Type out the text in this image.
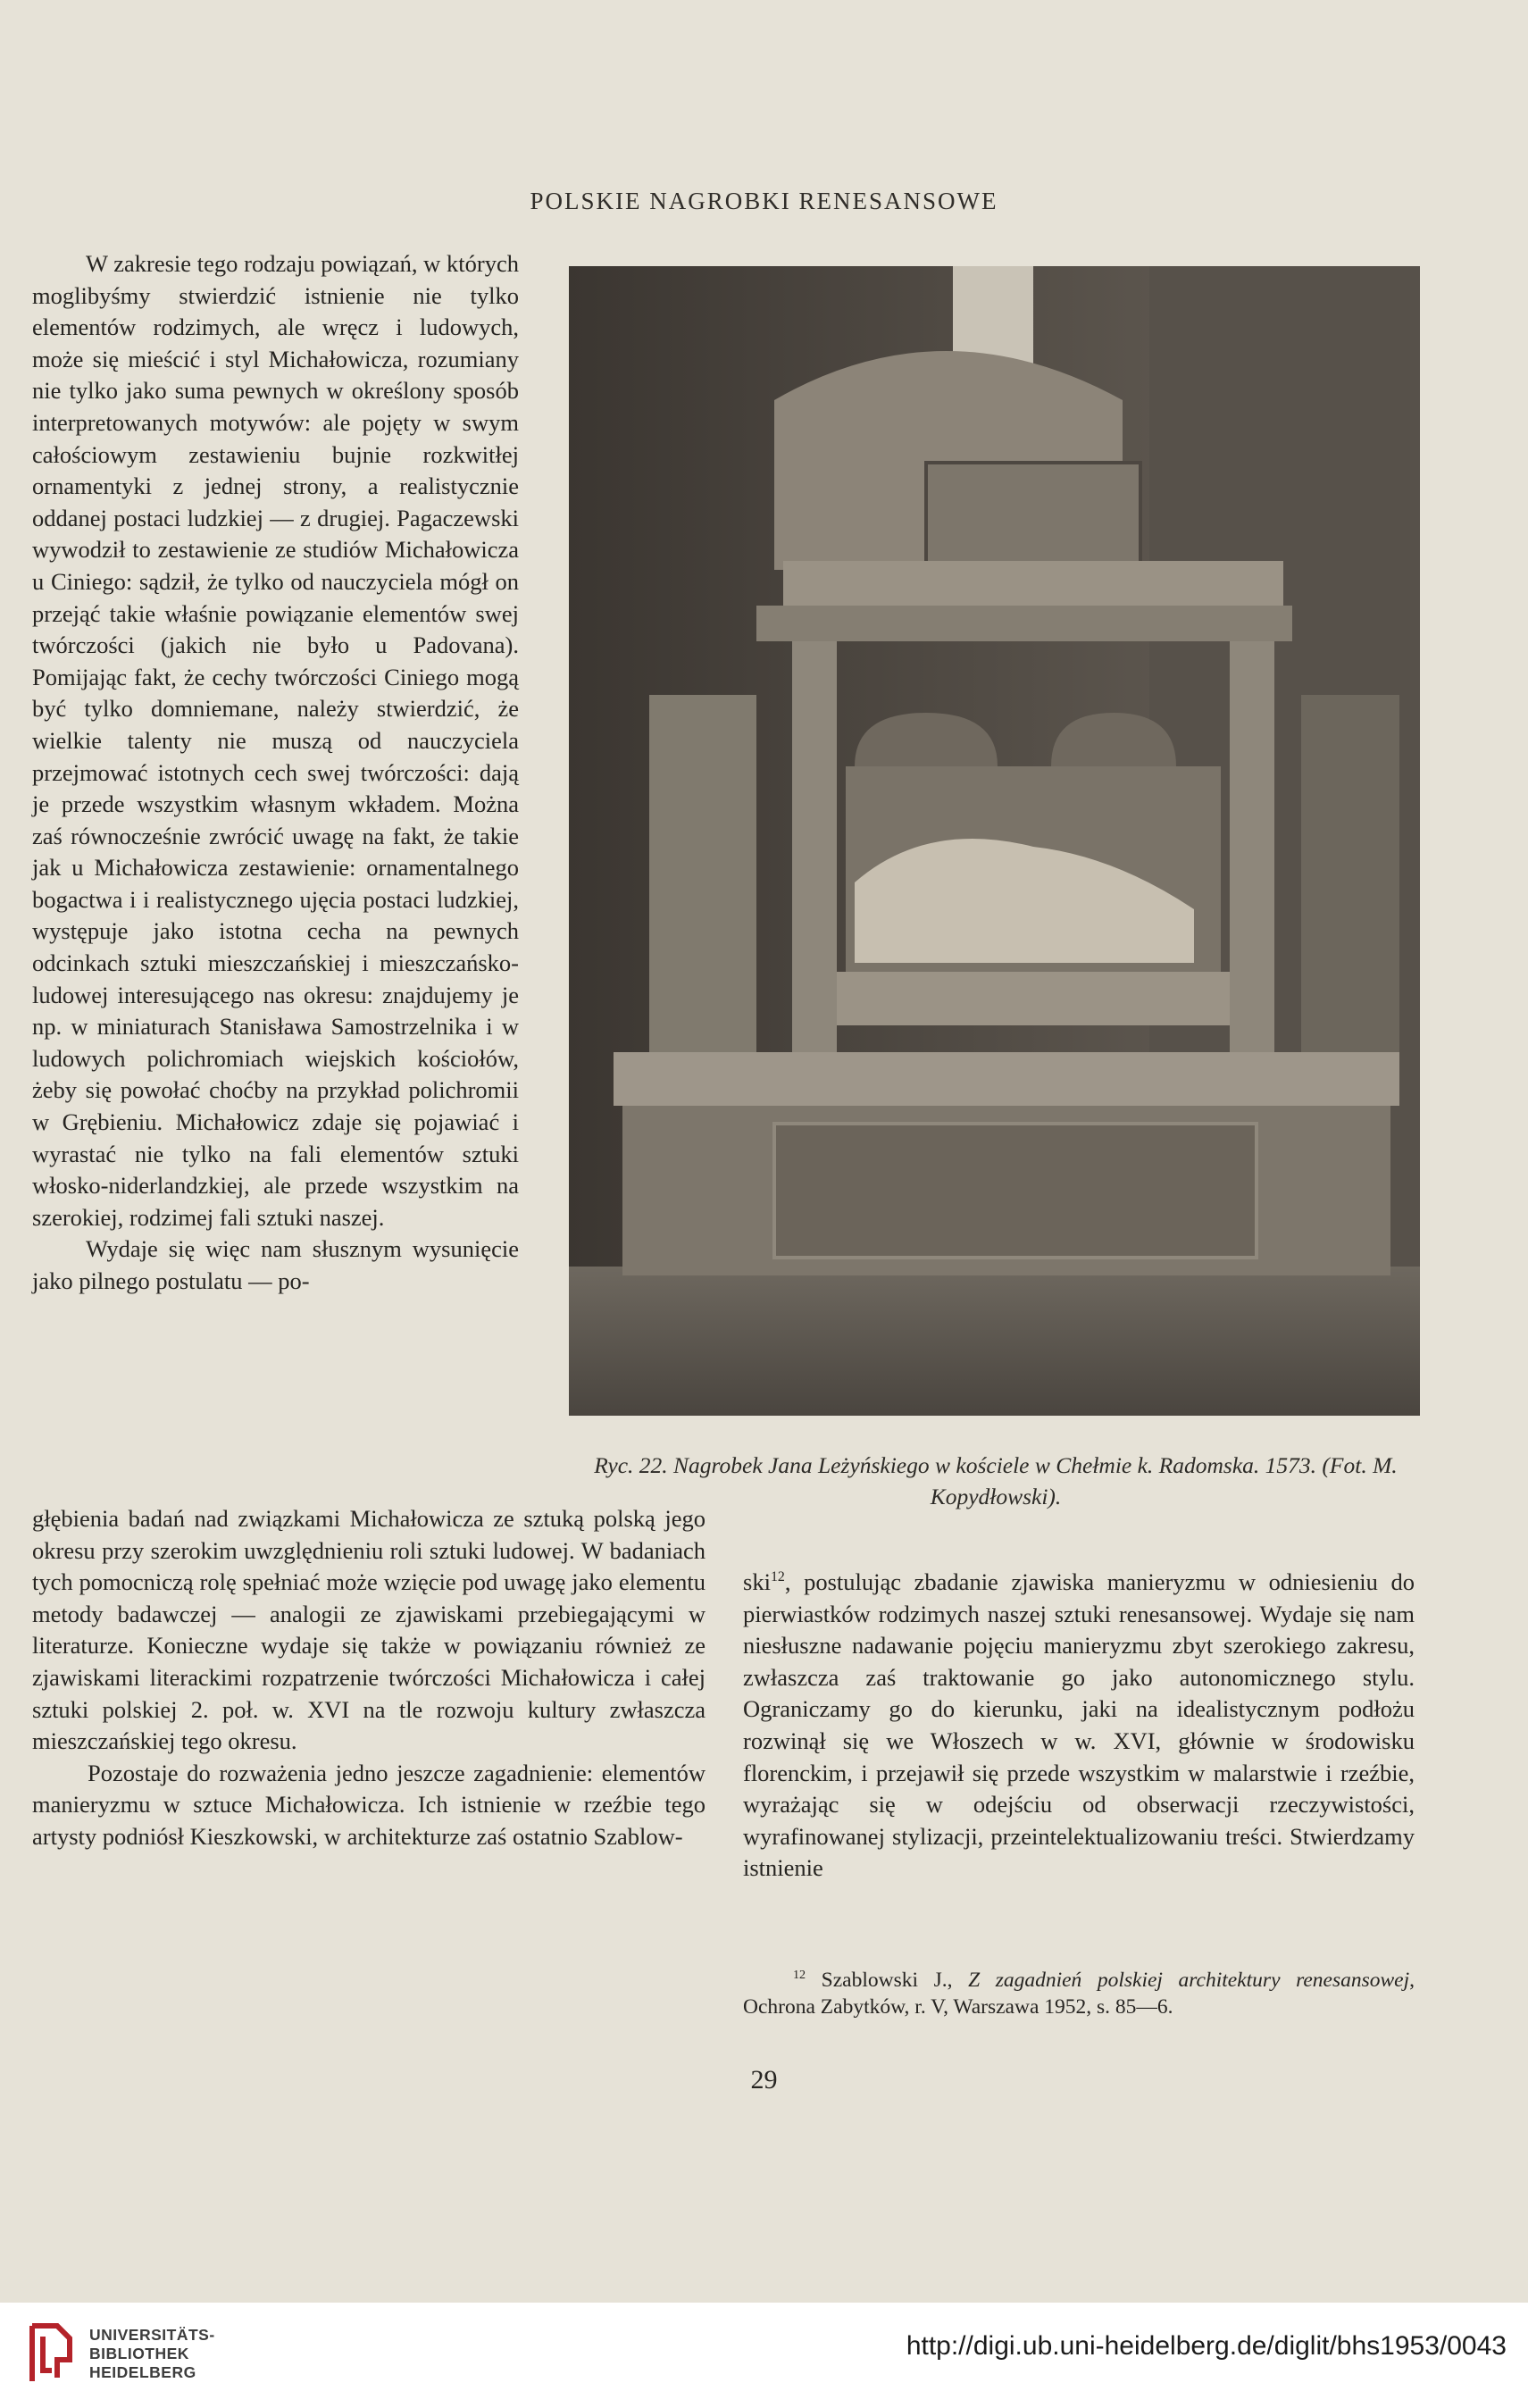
POLSKIE NAGROBKI RENESANSOWE

W zakresie tego rodzaju powiązań, w których moglibyśmy stwierdzić istnienie nie tylko elementów rodzimych, ale wręcz i ludowych, może się mieścić i styl Michałowicza, rozumiany nie tylko jako suma pewnych w określony sposób interpretowanych motywów: ale pojęty w swym całościowym zestawieniu bujnie rozkwitłej ornamentyki z jednej strony, a realistycznie oddanej postaci ludzkiej — z drugiej. Pagaczewski wywodził to zestawienie ze studiów Michałowicza u Ciniego: sądził, że tylko od nauczyciela mógł on przejąć takie właśnie powiązanie elementów swej twórczości (jakich nie było u Padovana). Pomijając fakt, że cechy twórczości Ciniego mogą być tylko domniemane, należy stwierdzić, że wielkie talenty nie muszą od nauczyciela przejmować istotnych cech swej twórczości: dają je przede wszystkim własnym wkładem. Można zaś równocześnie zwrócić uwagę na fakt, że takie jak u Michałowicza zestawienie: ornamentalnego bogactwa i i realistycznego ujęcia postaci ludzkiej, występuje jako istotna cecha na pewnych odcinkach sztuki mieszczańskiej i mieszczańsko-ludowej interesującego nas okresu: znajdujemy je np. w miniaturach Stanisława Samostrzelnika i w ludowych polichromiach wiejskich kościołów, żeby się powołać choćby na przykład polichromii w Grębieniu. Michałowicz zdaje się pojawiać i wyrastać nie tylko na fali elementów sztuki włosko-niderlandzkiej, ale przede wszystkim na szerokiej, rodzimej fali sztuki naszej.

Wydaje się więc nam słusznym wysunięcie jako pilnego postulatu — po-

Ryc. 22. Nagrobek Jana Leżyńskiego w kościele w Chełmie k. Radomska. 1573. (Fot. M. Kopydłowski).

głębienia badań nad związkami Michałowicza ze sztuką polską jego okresu przy szerokim uwzględnieniu roli sztuki ludowej. W badaniach tych pomocniczą rolę spełniać może wzięcie pod uwagę jako elementu metody badawczej — analogii ze zjawiskami przebiegającymi w literaturze. Konieczne wydaje się także w powiązaniu również ze zjawiskami literackimi rozpatrzenie twórczości Michałowicza i całej sztuki polskiej 2. poł. w. XVI na tle rozwoju kultury zwłaszcza mieszczańskiej tego okresu.

Pozostaje do rozważenia jedno jeszcze zagadnienie: elementów manieryzmu w sztuce Michałowicza. Ich istnienie w rzeźbie tego artysty podniósł Kieszkowski, w architekturze zaś ostatnio Szablow-

ski$^{12}$, postulując zbadanie zjawiska manieryzmu w odniesieniu do pierwiastków rodzimych naszej sztuki renesansowej. Wydaje się nam niesłuszne nadawanie pojęciu manieryzmu zbyt szerokiego zakresu, zwłaszcza zaś traktowanie go jako autonomicznego stylu. Ograniczamy go do kierunku, jaki na idealistycznym podłożu rozwinął się we Włoszech w w. XVI, głównie w środowisku florenckim, i przejawił się przede wszystkim w malarstwie i rzeźbie, wyrażając się w odejściu od obserwacji rzeczywistości, wyrafinowanej stylizacji, przeintelektualizowaniu treści. Stwierdzamy istnienie

$^{12}$ Szablowski J., Z zagadnień polskiej architektury renesansowej, Ochrona Zabytków, r. V, Warszawa 1952, s. 85—6.

29
UNIVERSITÄTS-
BIBLIOTHEK
HEIDELBERG
http://digi.ub.uni-heidelberg.de/diglit/bhs1953/0043
